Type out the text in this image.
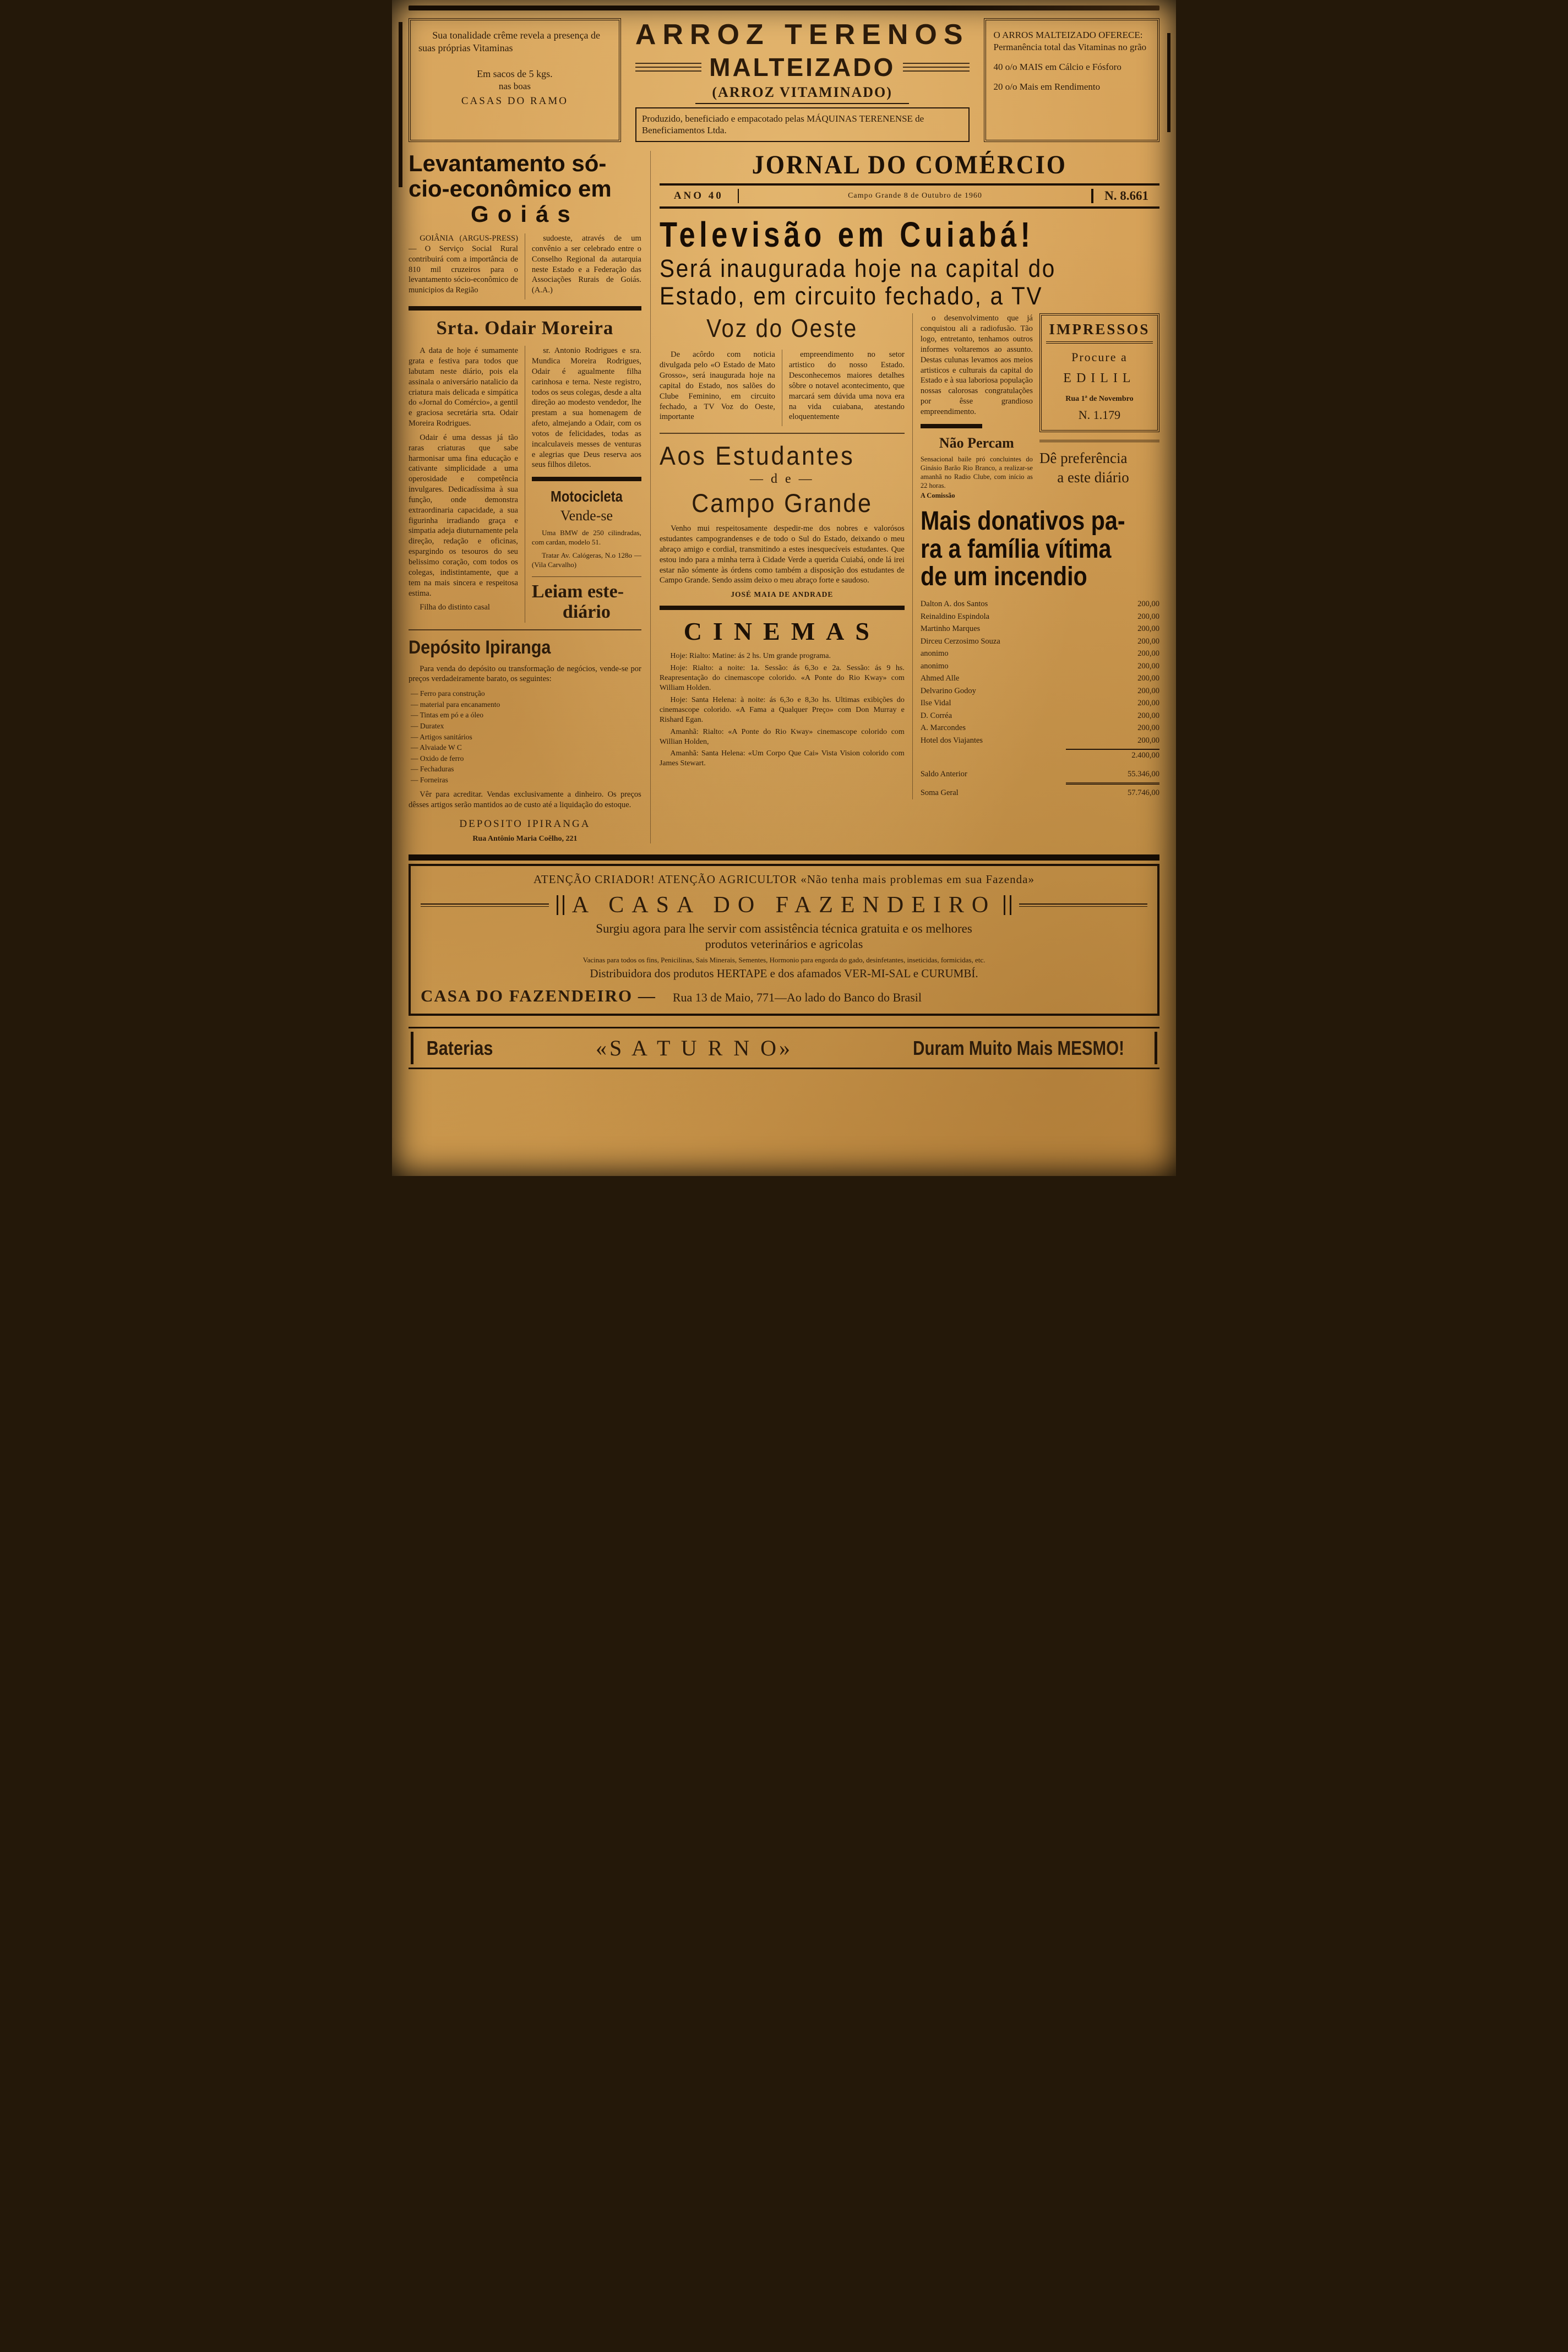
Sua tonalidade crême revela a presença de suas próprias Vitaminas

Em sacos de 5 kgs.

nas boas

CASAS DO RAMO

ARROZ TERENOS
MALTEIZADO
(ARROZ VITAMINADO)
Produzido, beneficiado e empacotado pelas MÁQUINAS TERENENSE de Beneficiamentos Ltda.

O ARROS MALTEIZADO OFERECE: Permanência total das Vitaminas no grão

40 o/o MAIS em Cálcio e Fósforo

20 o/o Mais em Rendimento

Levantamento só-
cio-econômico em
Goiás

GOIÂNIA (ARGUS-PRESS) — O Serviço Social Rural contribuirá com a importância de 810 mil cruzeiros para o levantamento sócio-econômico de municipios da Região

sudoeste, através de um convênio a ser celebrado entre o Conselho Regional da autarquia neste Estado e a Federação das Associações Rurais de Goiás. (A.A.)

Srta. Odair Moreira

A data de hoje é sumamente grata e festiva para todos que labutam neste diário, pois ela assinala o aniversário natalicio da criatura mais delicada e simpática do «Jornal do Comércio», a gentil e graciosa secretária srta. Odair Moreira Rodrigues.

Odair é uma dessas já tão raras criaturas que sabe harmonisar uma fina educação e cativante simplicidade a uma operosidade e competência invulgares. Dedicadíssima à sua função, onde demonstra extraordinaria capacidade, a sua figurinha irradiando graça e simpatia adeja diuturnamente pela direção, redação e oficinas, espargindo os tesouros do seu belissimo coração, com todos os colegas, indistintamente, que a tem na mais sincera e respeitosa estima.

Filha do distinto casal

sr. Antonio Rodrigues e sra. Mundica Moreira Rodrigues, Odair é agualmente filha carinhosa e terna. Neste registro, todos os seus colegas, desde a alta direção ao modesto vendedor, lhe prestam a sua homenagem de afeto, almejando a Odair, com os votos de felicidades, todas as incalculaveis messes de venturas e alegrias que Deus reserva aos seus filhos diletos.

Motocicleta
Vende-se

Uma BMW de 250 cilindradas, com cardan, modelo 51.

Tratar Av. Calógeras, N.o 128o — (Vila Carvalho)

Leiam este-
diário
Depósito Ipiranga

Para venda do depósito ou transformação de negócios, vende-se por preços verdadeiramente barato, os seguintes:

— Ferro para construção
— material para encanamento
— Tintas em pó e a óleo
— Duratex
— Artigos sanitários
— Alvaiade W C
— Oxido de ferro
— Fechaduras
— Forneiras

Vêr para acreditar. Vendas exclusivamente a dinheiro. Os preços dêsses artigos serão mantidos ao de custo até a liquidação do estoque.

DEPOSITO IPIRANGA
Rua Antônio Maria Coêlho, 221
JORNAL DO COMÉRCIO
ANO 40	Campo Grande 8 de Outubro de 1960	N. 8.661
Televisão em Cuiabá!
Será inaugurada hoje na capital do
Estado, em circuito fechado, a TV
Voz do Oeste

De acôrdo com noticia divulgada pelo «O Estado de Mato Grosso», será inaugurada hoje na capital do Estado, nos salões do Clube Feminino, em circuito fechado, a TV Voz do Oeste, importante

empreendimento no setor artistico do nosso Estado. Desconhecemos maiores detalhes sôbre o notavel acontecimento, que marcará sem dúvida uma nova era na vida cuiabana, atestando eloquentemente

Aos Estudantes
— d e —
Campo Grande

Venho mui respeitosamente despedir-me dos nobres e valorósos estudantes campograndenses e de todo o Sul do Estado, deixando o meu abraço amigo e cordial, transmitindo a estes inesquecíveis estudantes. Que estou indo para a minha terra à Cidade Verde a querida Cuiabá, onde lá irei estar não sómente às órdens como também a disposição dos estudantes de Campo Grande. Sendo assim deixo o meu abraço forte e saudoso.

JOSÉ MAIA DE ANDRADE
CINEMAS

Hoje: Rialto: Matine: ás 2 hs. Um grande programa.

Hoje: Rialto: a noite: 1a. Sessão: ás 6,3o e 2a. Sessão: ás 9 hs. Reapresentação do cinemascope colorido. «A Ponte do Rio Kway» com William Holden.

Hoje: Santa Helena: à noite: ás 6,3o e 8,3o hs. Ultimas exibições do cinemascope colorido. «A Fama a Qualquer Preço» com Don Murray e Rishard Egan.

Amanhã: Rialto: «A Ponte do Rio Kway» cinemascope colorido com Willian Holden,

Amanhã: Santa Helena: «Um Corpo Que Cai» Vista Vision colorido com James Stewart.

o desenvolvimento que já conquistou ali a radiofusão. Tão logo, entretanto, tenhamos outros informes voltaremos ao assunto. Destas culunas levamos aos meios artisticos e culturais da capital do Estado e à sua laboriosa população nossas calorosas congratulações por êsse grandioso empreendimento.

Não Percam

Sensacional baile pró concluintes do Ginásio Barão Rio Branco, a realizar-se amanhã no Radio Clube, com início as 22 horas.

A Comissão
IMPRESSOS
Procure a
EDILIL
Rua 1ª de Novembro
N. 1.179
Dê preferência
a este diário
Mais donativos pa-
ra a família vítima
de um incendio
Dalton A. dos Santos	200,00
Reinaldino Espindola	200,00
Martinho Marques	200,00
Dirceu Cerzosimo Souza	200,00
anonimo	200,00
anonimo	200,00
Ahmed Alle	200,00
Delvarino Godoy	200,00
Ilse Vidal	200,00
D. Corréa	200,00
A. Marcondes	200,00
Hotel dos Viajantes	200,00
2.400,00
Saldo Anterior	55.346,00
Soma Geral	57.746,00
ATENÇÃO CRIADOR! ATENÇÃO AGRICULTOR «Não tenha mais problemas em sua Fazenda»
A CASA DO FAZENDEIRO
Surgiu agora para lhe servir com assistência técnica gratuita e os melhores
produtos veterinários e agricolas
Vacinas para todos os fins, Penicilinas, Sais Minerais, Sementes, Hormonio para engorda do gado, desinfetantes, inseticidas, formicidas, etc.
Distribuidora dos produtos HERTAPE e dos afamados VER-MI-SAL e CURUMBÍ.
CASA DO FAZENDEIRO — Rua 13 de Maio, 771—Ao lado do Banco do Brasil
Baterias	«S A T U R N O»	Duram Muito Mais MESMO!
